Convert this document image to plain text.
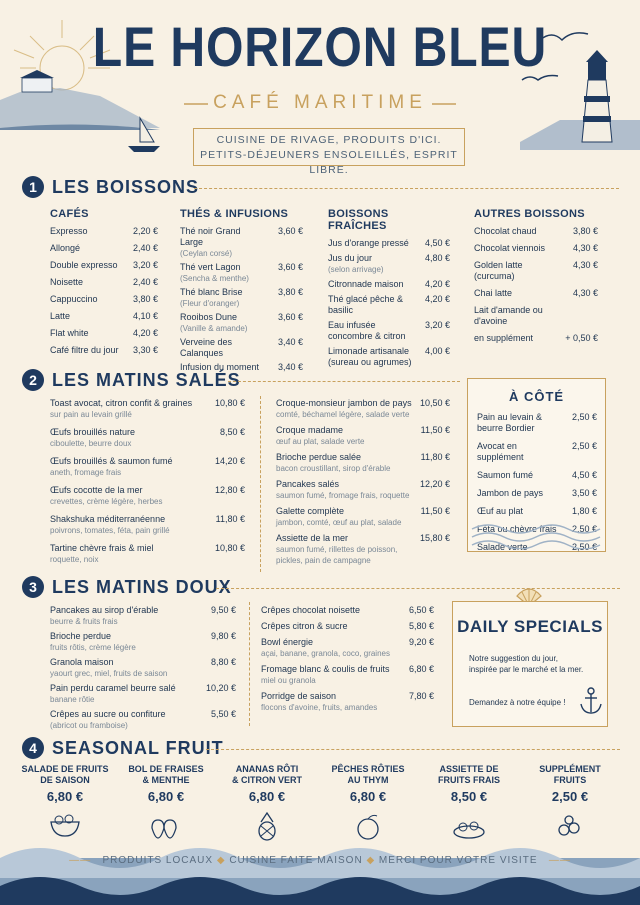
LE HORIZON BLEU
CAFÉ MARITIME
CUISINE DE RIVAGE, PRODUITS D'ICI.
PETITS-DÉJEUNERS ENSOLEILLÉS, ESPRIT LIBRE.
1 LES BOISSONS
CAFÉS
Expresso	2,20 €
Allongé	2,40 €
Double expresso 3,20 €
Noisette	2,40 €
Cappuccino	3,80 €
Latte	4,10 €
Flat white	4,20 €
Café filtre du jour 3,30 €
THÉS & INFUSIONS
Thé noir Grand Large
(Ceylan corsé)
3,60 €
Thé vert Lagon
(Sencha & menthe)
3,60 €
Thé blanc Brise
(Fleur d'oranger)
3,80 €
Rooibos Dune
(Vanille & amande)
3,60 €
Verveine des Calanques
3,40 €
Infusion du moment	3,40 €
BOISSONS FRAÎCHES
Jus d'orange pressé	4,50 €
Jus du jour
(selon arrivage)
4,80 €
Citronnade maison	4,20 €
Thé glacé pêche & basilic
4,20 €
Eau infusée concombre & citron
3,20 €
Limonade artisanale (sureau ou agrumes)
4,00 €
AUTRES BOISSONS
Chocolat chaud	3,80 €
Chocolat viennois	4,30 €
Golden latte (curcuma)
4,30 €
Chai latte	4,30 €
Lait d'amande ou d'avoine
en supplément	+ 0,50 €
2 LES MATINS SALÉS
Toast avocat, citron confit & graines
sur pain au levain grillé
10,80 €
Œufs brouillés nature
ciboulette, beurre doux
8,50 €
Œufs brouillés & saumon fumé
aneth, fromage frais
14,20 €
Œufs cocotte de la mer
crevettes, crème légère, herbes
12,80 €
Shakshuka méditerranéenne
poivrons, tomates, féta, pain grillé
11,80 €
Tartine chèvre frais & miel
roquette, noix
10,80 €
Croque-monsieur jambon de pays
comté, béchamel légère, salade verte
10,50 €
Croque madame
œuf au plat, salade verte
11,50 €
Brioche perdue salée
bacon croustillant, sirop d'érable
11,80 €
Pancakes salés
saumon fumé, fromage frais, roquette
12,20 €
Galette complète
jambon, comté, œuf au plat, salade
11,50 €
Assiette de la mer
saumon fumé, rillettes de poisson, pickles, pain de campagne
15,80 €
À CÔTÉ
Pain au levain & beurre Bordier
2,50 €
Avocat en supplément
2,50 €
Saumon fumé	4,50 €
Jambon de pays	3,50 €
Œuf au plat	1,80 €
Féta ou chèvre frais 2,50 €
Salade verte	2,50 €
3 LES MATINS DOUX
Pancakes au sirop d'érable
beurre & fruits frais
9,50 €
Brioche perdue
fruits rôtis, crème légère
9,80 €
Granola maison
yaourt grec, miel, fruits de saison
8,80 €
Pain perdu caramel beurre salé
banane rôtie
10,20 €
Crêpes au sucre ou confiture
(abricot ou framboise)
5,50 €
Crêpes chocolat noisette	6,50 €
Crêpes citron & sucre	5,80 €
Bowl énergie
açai, banane, granola, coco, graines
9,20 €
Fromage blanc & coulis de fruits
miel ou granola
6,80 €
Porridge de saison
flocons d'avoine, fruits, amandes
7,80 €
DAILY SPECIALS
Notre suggestion du jour,
inspirée par le marché et la mer.
Demandez à notre équipe !
4 SEASONAL FRUIT
SALADE DE FRUITS
DE SAISON
6,80 €
BOL DE FRAISES
& MENTHE
6,80 €
ANANAS RÔTI
& CITRON VERT
6,80 €
PÊCHES RÔTIES
AU THYM
6,80 €
ASSIETTE DE
FRUITS FRAIS
8,50 €
SUPPLÉMENT
FRUITS
2,50 €
——   PRODUITS LOCAUX ◆ CUISINE FAITE MAISON ◆ MERCI POUR VOTRE VISITE   ——
